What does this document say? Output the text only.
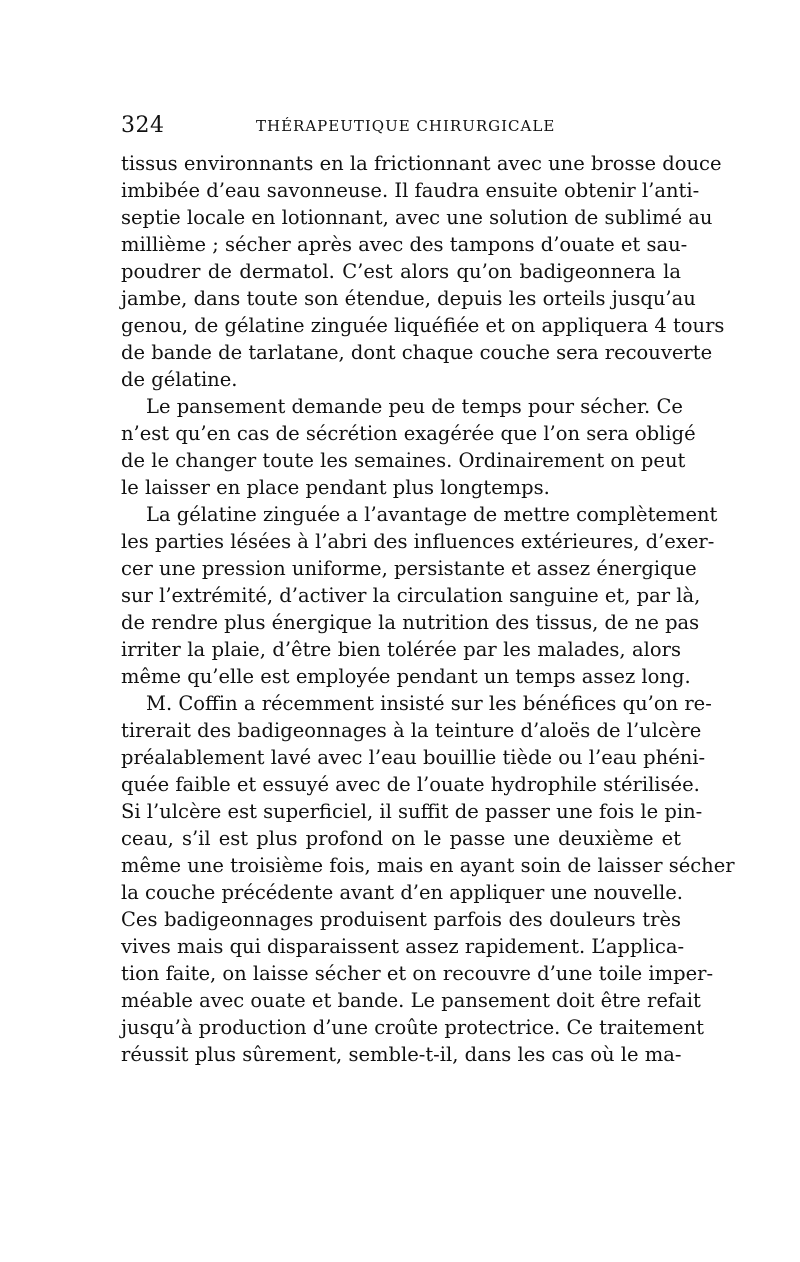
324	THÉRAPEUTIQUE CHIRURGICALE
tissus environnants en la frictionnant avec une brosse douce
imbibée d’eau savonneuse. Il faudra ensuite obtenir l’anti-
septie locale en lotionnant, avec une solution de sublimé au
millième ; sécher après avec des tampons d’ouate et sau-
poudrer de dermatol. C’est alors qu’on badigeonnera la
jambe, dans toute son étendue, depuis les orteils jusqu’au
genou, de gélatine zinguée liquéfiée et on appliquera 4 tours
de bande de tarlatane, dont chaque couche sera recouverte
de gélatine.
Le pansement demande peu de temps pour sécher. Ce
n’est qu’en cas de sécrétion exagérée que l’on sera obligé
de le changer toute les semaines. Ordinairement on peut
le laisser en place pendant plus longtemps.
La gélatine zinguée a l’avantage de mettre complètement
les parties lésées à l’abri des influences extérieures, d’exer-
cer une pression uniforme, persistante et assez énergique
sur l’extrémité, d’activer la circulation sanguine et, par là,
de rendre plus énergique la nutrition des tissus, de ne pas
irriter la plaie, d’être bien tolérée par les malades, alors
même qu’elle est employée pendant un temps assez long.
M. Coffin a récemment insisté sur les bénéfices qu’on re-
tirerait des badigeonnages à la teinture d’aloës de l’ulcère
préalablement lavé avec l’eau bouillie tiède ou l’eau phéni-
quée faible et essuyé avec de l’ouate hydrophile stérilisée.
Si l’ulcère est superficiel, il suffit de passer une fois le pin-
ceau, s’il est plus profond on le passe une deuxième et
même une troisième fois, mais en ayant soin de laisser sécher
la couche précédente avant d’en appliquer une nouvelle.
Ces badigeonnages produisent parfois des douleurs très
vives mais qui disparaissent assez rapidement. L’applica-
tion faite, on laisse sécher et on recouvre d’une toile imper-
méable avec ouate et bande. Le pansement doit être refait
jusqu’à production d’une croûte protectrice. Ce traitement
réussit plus sûrement, semble-t-il, dans les cas où le ma-
